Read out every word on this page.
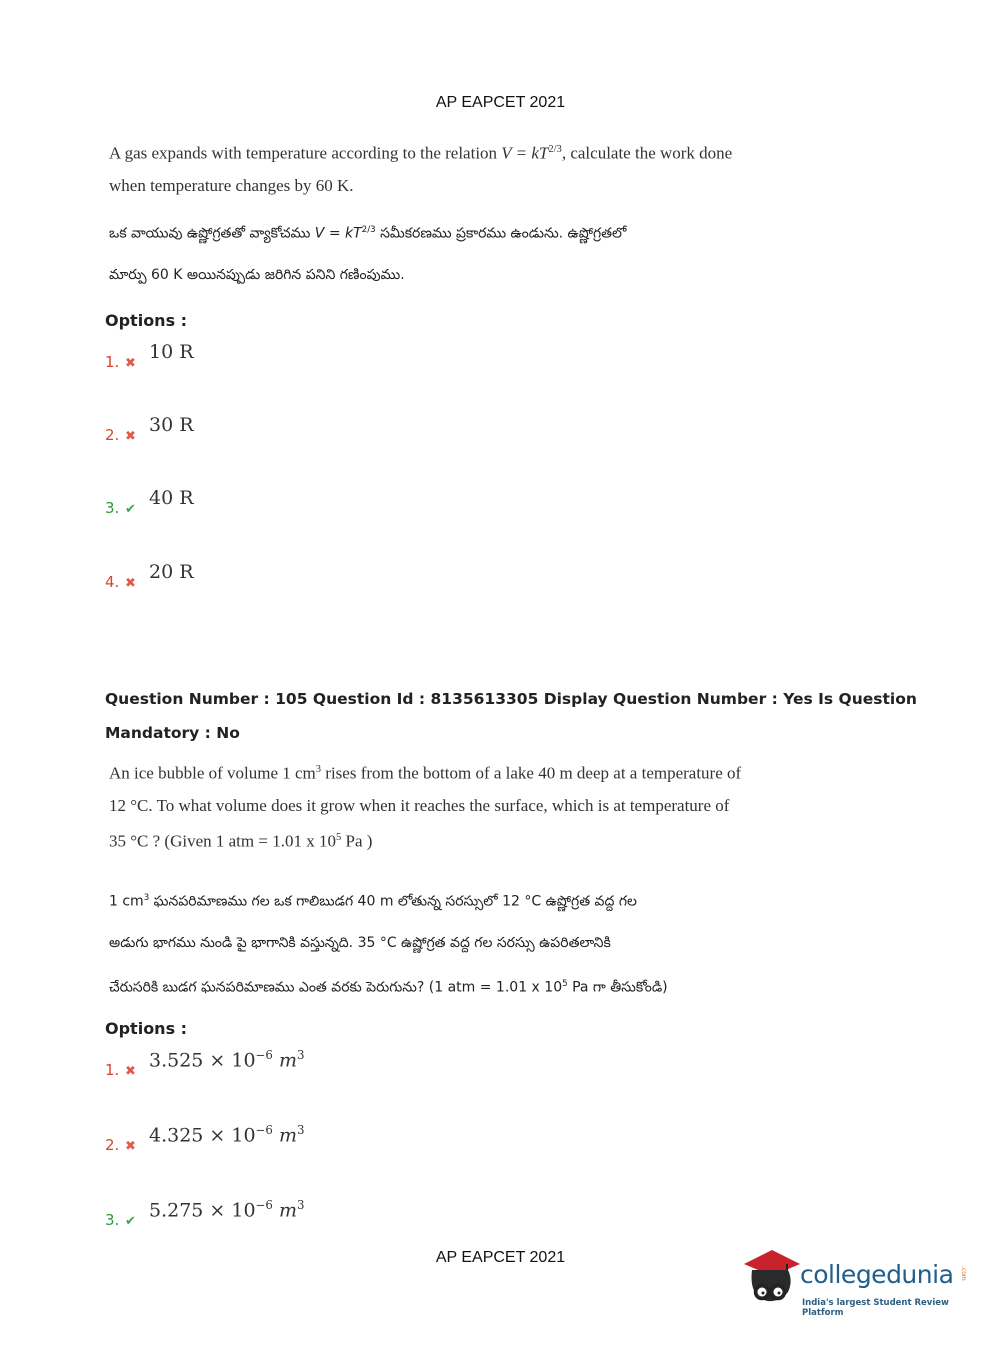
AP EAPCET 2021
A gas expands with temperature according to the relation $V = kT^{2/3}$, calculate the work done
when temperature changes by 60 K.
ఒక వాయువు ఉష్ణోగ్రతతో వ్యాకోచము $V = kT^{2/3}$ సమీకరణము ప్రకారము ఉండును. ఉష్ణోగ్రతలో
మార్పు 60 K అయినప్పుడు జరిగిన పనిని గణింపుము.
Options :
1. ✖
10 R
2. ✖
30 R
3. ✔
40 R
4. ✖
20 R
Question Number : 105 Question Id : 8135613305 Display Question Number : Yes Is Question
Mandatory : No
An ice bubble of volume 1 $cm^3$ rises from the bottom of a lake 40 m deep at a temperature of
12 °C. To what volume does it grow when it reaches the surface, which is at temperature of
35 °C ? (Given 1 atm = 1.01 x $10^5$ Pa )
1 $cm^3$ ఘనపరిమాణము గల ఒక గాలిబుడగ 40 m లోతున్న సరస్సులో 12 °C ఉష్ణోగ్రత వద్ద గల
అడుగు భాగము నుండి పై భాగానికి వస్తున్నది. 35 °C ఉష్ణోగ్రత వద్ద గల సరస్సు ఉపరితలానికి
చేరుసరికి బుడగ ఘనపరిమాణము ఎంత వరకు పెరుగును? (1 atm = 1.01 x $10^5$ Pa గా తీసుకోండి)
Options :
1. ✖
$3.525 \times 10^{-6}$ $m^3$
2. ✖
$4.325 \times 10^{-6}$ $m^3$
3. ✔
$5.275 \times 10^{-6}$ $m^3$
AP EAPCET 2021
collegedunia .com
India's largest Student Review Platform
